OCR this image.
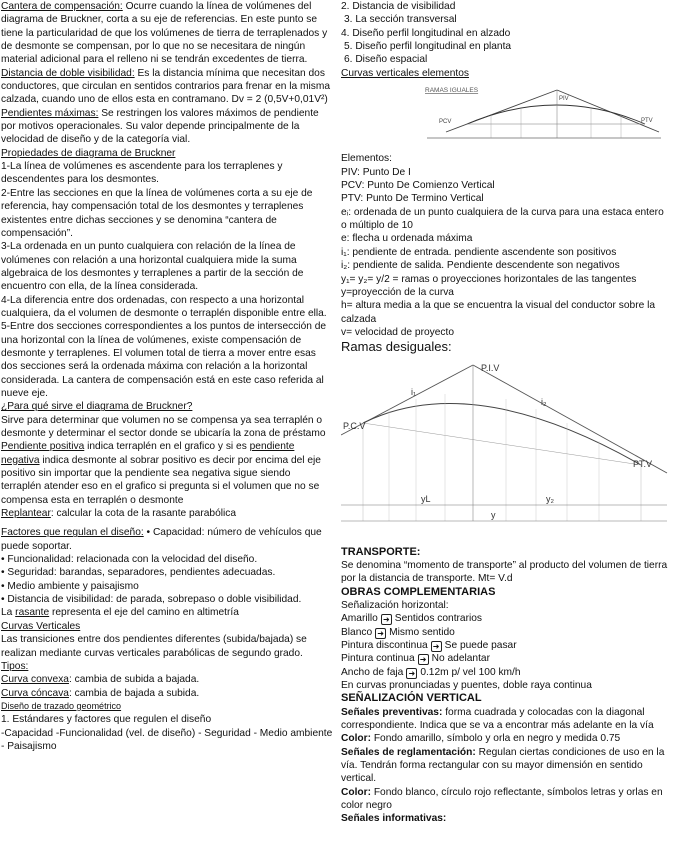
Cantera de compensación: Ocurre cuando la línea de volúmenes del diagrama de Bruckner, corta a su eje de referencias. En este punto se tiene la particularidad de que los volúmenes de tierra de terraplenados y de desmonte se compensan, por lo que no se necesitara de ningún material adicional para el relleno ni se tendrán excedentes de tierra.

Distancia de doble visibilidad: Es la distancia mínima que necesitan dos conductores, que circulan en sentidos contrarios para frenar en la misma calzada, cuando uno de ellos esta en contramano. Dv = 2 (0,5V+0,01V²)

Pendientes máximas: Se restringen los valores máximos de pendiente por motivos operacionales. Su valor depende principalmente de la velocidad de diseño y de la categoría vial.

Propiedades de diagrama de Bruckner

1-La línea de volúmenes es ascendente para los terraplenes y descendentes para los desmontes.

2-Entre las secciones en que la línea de volúmenes corta a su eje de referencia, hay compensación total de los desmontes y terraplenes existentes entre dichas secciones y se denomina “cantera de compensación”.

3-La ordenada en un punto cualquiera con relación de la línea de volúmenes con relación a una horizontal cualquiera mide la suma algebraica de los desmontes y terraplenes a partir de la sección de encuentro con ella, de la línea considerada.

4-La diferencia entre dos ordenadas, con respecto a una horizontal cualquiera, da el volumen de desmonte o terraplén disponible entre ella.

5-Entre dos secciones correspondientes a los puntos de intersección de una horizontal con la línea de volúmenes, existe compensación de desmonte y terraplenes. El volumen total de tierra a mover entre esas dos secciones será la ordenada máxima con relación a la horizontal considerada. La cantera de compensación está en este caso referida al nueve eje.

¿Para qué sirve el diagrama de Bruckner?

Sirve para determinar que volumen no se compensa ya sea terraplén o desmonte y determinar el sector donde se ubicaría la zona de préstamo

Pendiente positiva indica terraplén en el grafico y si es pendiente negativa indica desmonte al sobrar positivo es decir por encima del eje positivo sin importar que la pendiente sea negativa sigue siendo terraplén atender eso en el grafico si pregunta si el volumen que no se compensa esta en terraplén o desmonte

Replantear: calcular la cota de la rasante parabólica

Factores que regulan el diseño: • Capacidad: número de vehículos que puede soportar.

• Funcionalidad: relacionada con la velocidad del diseño.

• Seguridad: barandas, separadores, pendientes adecuadas.

• Medio ambiente y paisajismo

• Distancia de visibilidad: de parada, sobrepaso o doble visibilidad.

La rasante representa el eje del camino en altimetría

Curvas Verticales

Las transiciones entre dos pendientes diferentes (subida/bajada) se realizan mediante curvas verticales parabólicas de segundo grado.

Tipos:

Curva convexa: cambia de subida a bajada.

Curva cóncava: cambia de bajada a subida.

Diseño de trazado geométrico

1. Estándares y factores que regulen el diseño

-Capacidad -Funcionalidad (vel. de diseño) - Seguridad - Medio ambiente - Paisajismo

2. Distancia de visibilidad

3. La sección transversal

4. Diseño perfil longitudinal en alzado

5. Diseño perfil longitudinal en planta

6. Diseño espacial

Curvas verticales elementos

RAMAS IGUALES
PIV
PCV	PTV

Elementos:

PIV: Punto De I

PCV: Punto De Comienzo Vertical

PTV: Punto De Termino Vertical

eᵢ: ordenada de un punto cualquiera de la curva para una estaca entero o múltiplo de 10

e: flecha u ordenada máxima

i₁: pendiente de entrada. pendiente ascendente son positivos

i₂: pendiente de salida. Pendiente descendente son negativos

y₁= y₂= y/2 = ramas o proyecciones horizontales de las tangentes

y=proyección de la curva

h= altura media a la que se encuentra la visual del conductor sobre la calzada

v= velocidad de proyecto

Ramas desiguales:

P.I.V
P.C.V
PT.V
i₁
i₂
yL	y₂
y

TRANSPORTE:

Se denomina “momento de transporte” al producto del volumen de tierra por la distancia de transporte. Mt= V.d

OBRAS COMPLEMENTARIAS

Señalización horizontal:

Amarillo ➜ Sentidos contrarios

Blanco ➜ Mismo sentido

Pintura discontinua ➜ Se puede pasar

Pintura continua ➜ No adelantar

Ancho de faja ➜ 0.12m p/ vel 100 km/h

En curvas pronunciadas y puentes, doble raya continua

SEÑALIZACIÓN VERTICAL

Señales preventivas: forma cuadrada y colocadas con la diagonal correspondiente. Indica que se va a encontrar más adelante en la vía Color: Fondo amarillo, símbolo y orla en negro y medida 0.75

Señales de reglamentación: Regulan ciertas condiciones de uso en la vía. Tendrán forma rectangular con su mayor dimensión en sentido vertical.

Color: Fondo blanco, círculo rojo reflectante, símbolos letras y orlas en color negro

Señales informativas:
